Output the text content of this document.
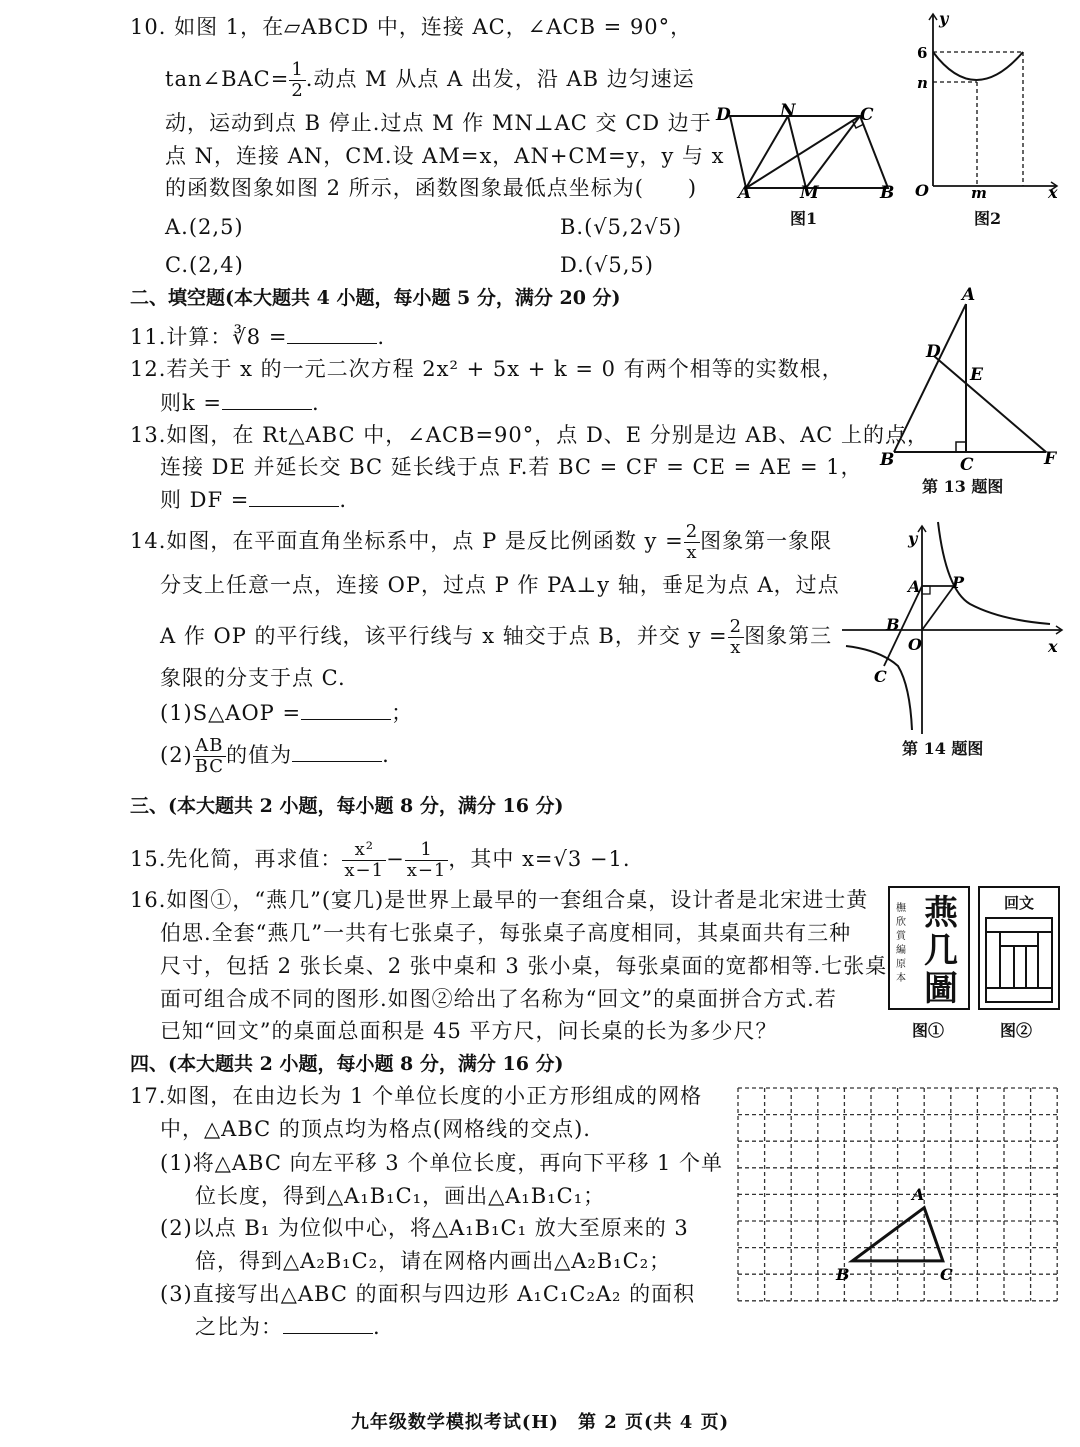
10. 如图 1，在▱ABCD 中，连接 AC，∠ACB = 90°，
tan∠BAC= $\frac{1}{2}$ .动点 M 从点 A 出发，沿 AB 边匀速运
动，运动到点 B 停止.过点 M 作 MN⊥AC 交 CD 边于
点 N，连接 AN，CM.设 AM=x，AN+CM=y，y 与 x
的函数图象如图 2 所示，函数图象最低点坐标为(　　)
A.(2,5)	B.(√5,2√5)
C.(2,4)	D.(√5,5)
D	N	C
A	M	B
图1
y
6
n
O	m	x
图2
二、填空题(本大题共 4 小题，每小题 5 分，满分 20 分)
11.计算：∛8 =	.
12.若关于 x 的一元二次方程 2x² + 5x + k = 0 有两个相等的实数根，
则k =	.
13.如图，在 Rt△ABC 中，∠ACB=90°，点 D、E 分别是边 AB、AC 上的点，
连接 DE 并延长交 BC 延长线于点 F.若 BC = CF = CE = AE = 1，
则 DF =	.
A
D
E
B	C	F
第 13 题图
14.如图，在平面直角坐标系中，点 P 是反比例函数 $y = \frac{2}{x}$ 图象第一象限
分支上任意一点，连接 OP，过点 P 作 PA⊥y 轴，垂足为点 A，过点
A 作 OP 的平行线，该平行线与 x 轴交于点 B，并交 $y = \frac{2}{x}$ 图象第三
象限的分支于点 C.
(1)S△AOP =	；
$(2) \frac{AB}{BC}$ 的值为	.
y
A P
B
O
C
x
第 14 题图
三、(本大题共 2 小题，每小题 8 分，满分 16 分)
15.先化简，再求值： $\frac{\text{x²}}{x-1} - \frac{1}{x-1}$ ，其中 x=√3 −1.
16.如图①，“燕几”(宴几)是世界上最早的一套组合桌，设计者是北宋进士黄
伯思.全套“燕几”一共有七张桌子，每张桌子高度相同，其桌面共有三种
尺寸，包括 2 张长桌、2 张中桌和 3 张小桌，每张桌面的宽都相等.七张桌
面可组合成不同的图形.如图②给出了名称为“回文”的桌面拼合方式.若
已知“回文”的桌面总面积是 45 平方尺，问长桌的长为多少尺？
橅欣賞編原本
燕几圖
图①
回文
图②
四、(本大题共 2 小题，每小题 8 分，满分 16 分)
17.如图，在由边长为 1 个单位长度的小正方形组成的网格
中，△ABC 的顶点均为格点(网格线的交点).
(1)将△ABC 向左平移 3 个单位长度，再向下平移 1 个单
位长度，得到△A₁B₁C₁，画出△A₁B₁C₁；
(2)以点 B₁ 为位似中心，将△A₁B₁C₁ 放大至原来的 3
倍，得到△A₂B₁C₂，请在网格内画出△A₂B₁C₂；
(3)直接写出△ABC 的面积与四边形 A₁C₁C₂A₂ 的面积
之比为：	.
A
B	C
九年级数学模拟考试(H)　第 2 页(共 4 页)
